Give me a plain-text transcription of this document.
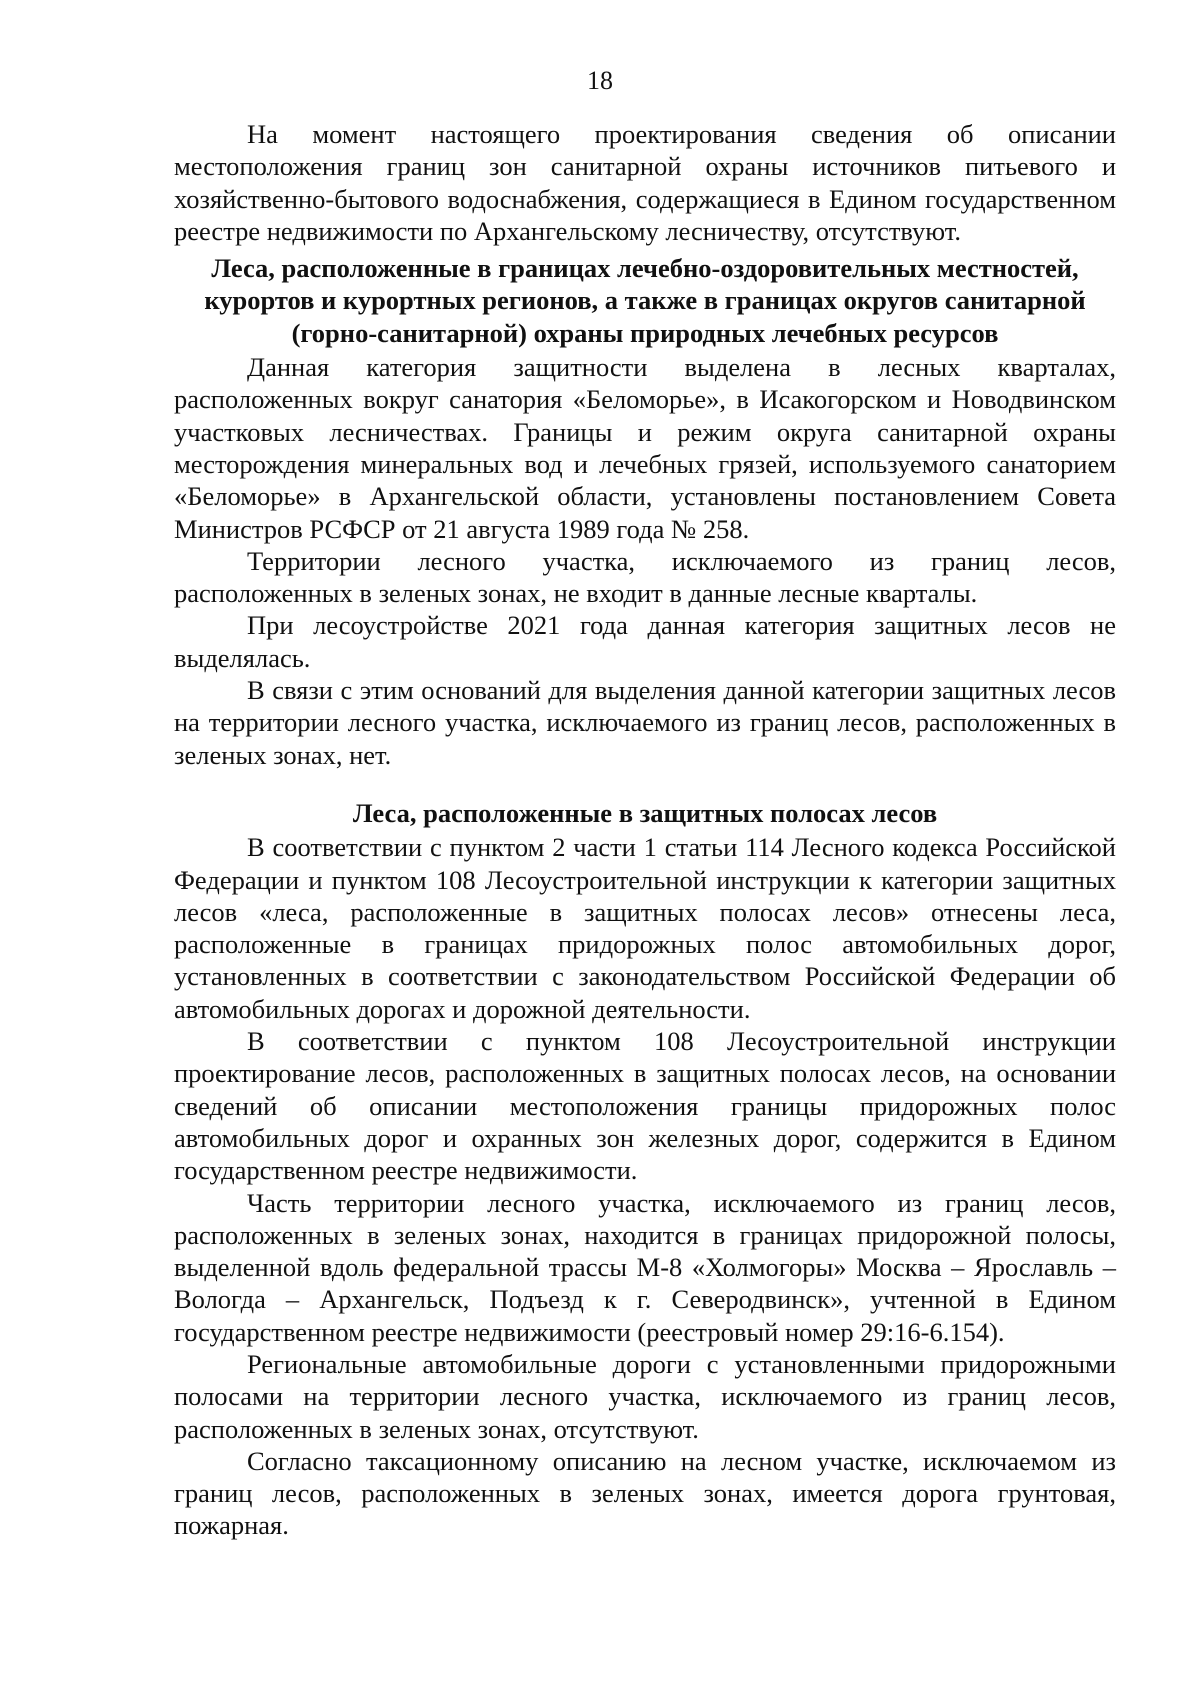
18

На момент настоящего проектирования сведения об описании местоположения границ зон санитарной охраны источников питьевого и хозяйственно-бытового водоснабжения, содержащиеся в Едином государственном реестре недвижимости по Архангельскому лесничеству, отсутствуют.

Леса, расположенные в границах лечебно-оздоровительных местностей, курортов и курортных регионов, а также в границах округов санитарной (горно-санитарной) охраны природных лечебных ресурсов

Данная категория защитности выделена в лесных кварталах, расположенных вокруг санатория «Беломорье», в Исакогорском и Новодвинском участковых лесничествах. Границы и режим округа санитарной охраны месторождения минеральных вод и лечебных грязей, используемого санаторием «Беломорье» в Архангельской области, установлены постановлением Совета Министров РСФСР от 21 августа 1989 года № 258.

Территории лесного участка, исключаемого из границ лесов, расположенных в зеленых зонах, не входит в данные лесные кварталы.

При лесоустройстве 2021 года данная категория защитных лесов не выделялась.

В связи с этим оснований для выделения данной категории защитных лесов на территории лесного участка, исключаемого из границ лесов, расположенных в зеленых зонах, нет.

Леса, расположенные в защитных полосах лесов

В соответствии с пунктом 2 части 1 статьи 114 Лесного кодекса Российской Федерации и пунктом 108 Лесоустроительной инструкции к категории защитных лесов «леса, расположенные в защитных полосах лесов» отнесены леса, расположенные в границах придорожных полос автомобильных дорог, установленных в соответствии с законодательством Российской Федерации об автомобильных дорогах и дорожной деятельности.

В соответствии с пунктом 108 Лесоустроительной инструкции проектирование лесов, расположенных в защитных полосах лесов, на основании сведений об описании местоположения границы придорожных полос автомобильных дорог и охранных зон железных дорог, содержится в Едином государственном реестре недвижимости.

Часть территории лесного участка, исключаемого из границ лесов, расположенных в зеленых зонах, находится в границах придорожной полосы, выделенной вдоль федеральной трассы М-8 «Холмогоры» Москва – Ярославль – Вологда – Архангельск, Подъезд к г. Северодвинск», учтенной в Едином государственном реестре недвижимости (реестровый номер 29:16-6.154).

Региональные автомобильные дороги с установленными придорожными полосами на территории лесного участка, исключаемого из границ лесов, расположенных в зеленых зонах, отсутствуют.

Согласно таксационному описанию на лесном участке, исключаемом из границ лесов, расположенных в зеленых зонах, имеется дорога грунтовая, пожарная.
